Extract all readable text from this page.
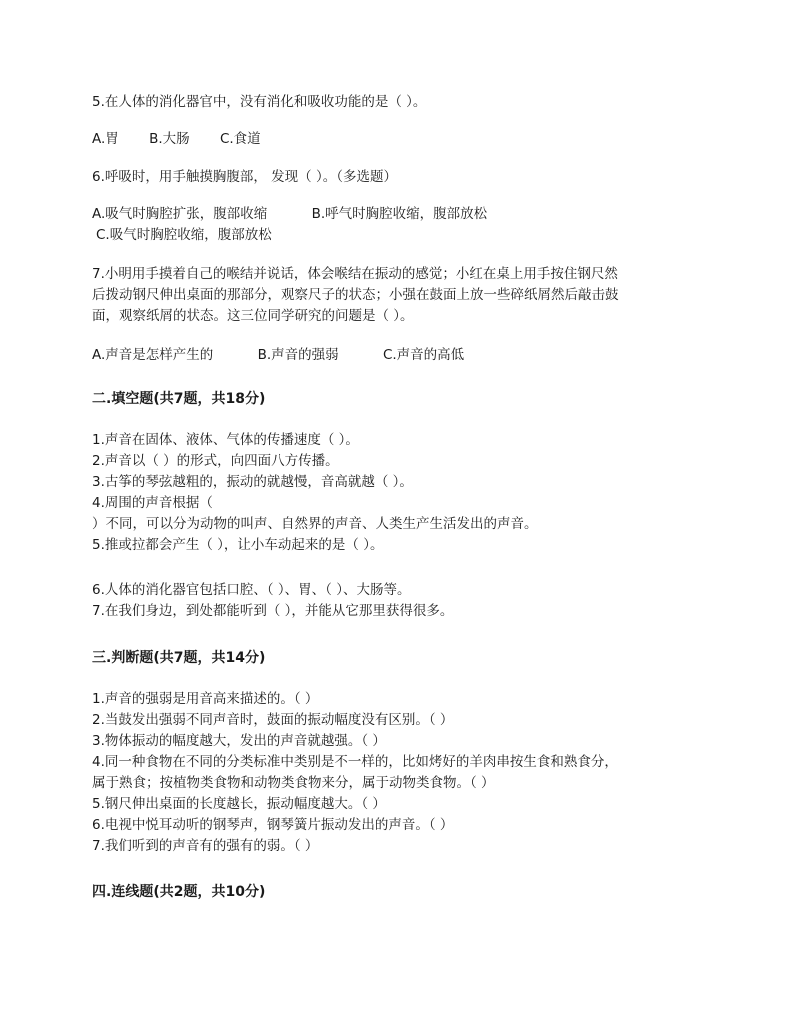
5.在人体的消化器官中，没有消化和吸收功能的是（ ）。
A.胃 B.大肠 C.食道
6.呼吸时，用手触摸胸腹部， 发现（ ）。（多选题）
A.吸气时胸腔扩张，腹部收缩	B.呼气时胸腔收缩，腹部放松
C.吸气时胸腔收缩，腹部放松
7.小明用手摸着自己的喉结并说话，体会喉结在振动的感觉；小红在桌上用手按住钢尺然
后拨动钢尺伸出桌面的那部分，观察尺子的状态；小强在鼓面上放一些碎纸屑然后敲击鼓
面，观察纸屑的状态。这三位同学研究的问题是（ ）。
A.声音是怎样产生的	B.声音的强弱	C.声音的高低
二.填空题(共7题，共18分)
1.声音在固体、液体、气体的传播速度（ ）。
2.声音以（ ）的形式，向四面八方传播。
3.古筝的琴弦越粗的，振动的就越慢，音高就越（ ）。
4.周围的声音根据（
）不同，可以分为动物的叫声、自然界的声音、人类生产生活发出的声音。
5.推或拉都会产生（ ），让小车动起来的是（ ）。
6.人体的消化器官包括口腔、（ ）、胃、（ ）、大肠等。
7.在我们身边，到处都能听到（ ），并能从它那里获得很多。
三.判断题(共7题，共14分)
1.声音的强弱是用音高来描述的。（ ）
2.当鼓发出强弱不同声音时，鼓面的振动幅度没有区别。（ ）
3.物体振动的幅度越大，发出的声音就越强。（ ）
4.同一种食物在不同的分类标准中类别是不一样的，比如烤好的羊肉串按生食和熟食分，
属于熟食；按植物类食物和动物类食物来分，属于动物类食物。（ ）
5.钢尺伸出桌面的长度越长，振动幅度越大。（ ）
6.电视中悦耳动听的钢琴声，钢琴簧片振动发出的声音。（ ）
7.我们听到的声音有的强有的弱。（ ）
四.连线题(共2题，共10分)
